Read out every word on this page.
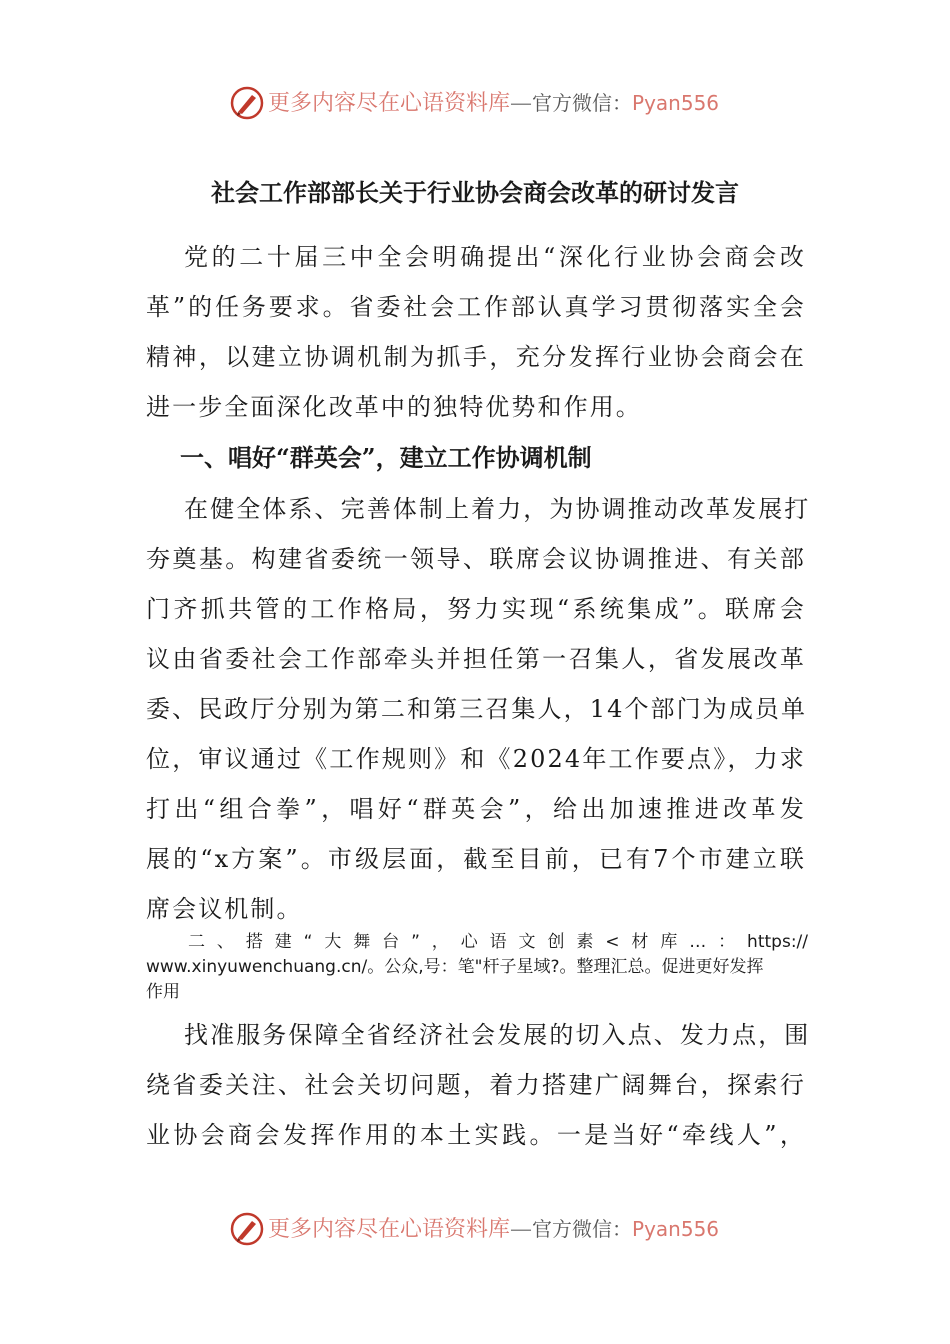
更多内容尽在心语资料库—官方微信：Pyan556
社会工作部部长关于行业协会商会改革的研讨发言
党的二十届三中全会明确提出“深化行业协会商会改
革”的任务要求。省委社会工作部认真学习贯彻落实全会
精神，以建立协调机制为抓手，充分发挥行业协会商会在
进一步全面深化改革中的独特优势和作用。
一、唱好“群英会”，建立工作协调机制
在健全体系、完善体制上着力，为协调推动改革发展打
夯奠基。构建省委统一领导、联席会议协调推进、有关部
门齐抓共管的工作格局，努力实现“系统集成”。联席会
议由省委社会工作部牵头并担任第一召集人，省发展改革
委、民政厅分别为第二和第三召集人，14个部门为成员单
位，审议通过《工作规则》和《2024年工作要点》，力求
打出“组合拳”，唱好“群英会”，给出加速推进改革发
展的“x方案”。市级层面，截至目前，已有7个市建立联
席会议机制。
二、搭建“大舞台”，心语文创素<材库…：https://
www.xinyuwenchuang.cn/。公众,号：笔"杆子星域?。整理汇总。促进更好发挥
作用
找准服务保障全省经济社会发展的切入点、发力点，围
绕省委关注、社会关切问题，着力搭建广阔舞台，探索行
业协会商会发挥作用的本土实践。一是当好“牵线人”，
更多内容尽在心语资料库—官方微信：Pyan556
